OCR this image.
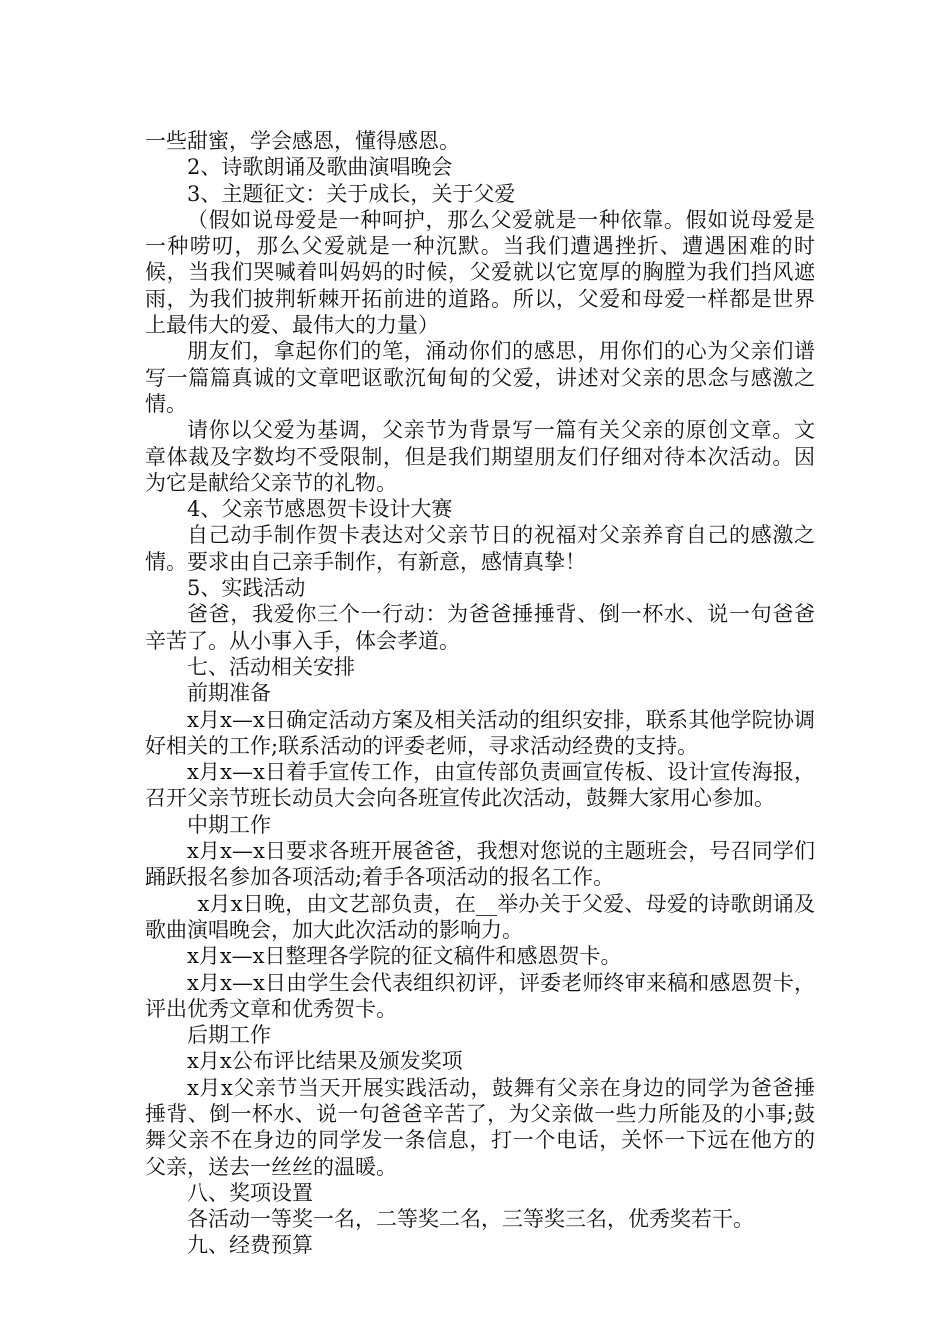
一些甜蜜，学会感恩，懂得感恩。

2、诗歌朗诵及歌曲演唱晚会

3、主题征文：关于成长，关于父爱

（假如说母爱是一种呵护，那么父爱就是一种依靠。假如说母爱是一种唠叨，那么父爱就是一种沉默。当我们遭遇挫折、遭遇困难的时候，当我们哭喊着叫妈妈的时候，父爱就以它宽厚的胸膛为我们挡风遮雨，为我们披荆斩棘开拓前进的道路。所以，父爱和母爱一样都是世界上最伟大的爱、最伟大的力量）

朋友们，拿起你们的笔，涌动你们的感思，用你们的心为父亲们谱写一篇篇真诚的文章吧讴歌沉甸甸的父爱，讲述对父亲的思念与感激之情。

请你以父爱为基调，父亲节为背景写一篇有关父亲的原创文章。文章体裁及字数均不受限制，但是我们期望朋友们仔细对待本次活动。因为它是献给父亲节的礼物。

4、父亲节感恩贺卡设计大赛

自己动手制作贺卡表达对父亲节日的祝福对父亲养育自己的感激之情。要求由自己亲手制作，有新意，感情真挚！

5、实践活动

爸爸，我爱你三个一行动：为爸爸捶捶背、倒一杯水、说一句爸爸辛苦了。从小事入手，体会孝道。

七、活动相关安排

前期准备

x月x—x日确定活动方案及相关活动的组织安排，联系其他学院协调好相关的工作;联系活动的评委老师，寻求活动经费的支持。

x月x—x日着手宣传工作，由宣传部负责画宣传板、设计宣传海报，召开父亲节班长动员大会向各班宣传此次活动，鼓舞大家用心参加。

中期工作

x月x—x日要求各班开展爸爸，我想对您说的主题班会，号召同学们踊跃报名参加各项活动;着手各项活动的报名工作。

x月x日晚，由文艺部负责，在__举办关于父爱、母爱的诗歌朗诵及歌曲演唱晚会，加大此次活动的影响力。

x月x—x日整理各学院的征文稿件和感恩贺卡。

x月x—x日由学生会代表组织初评，评委老师终审来稿和感恩贺卡，评出优秀文章和优秀贺卡。

后期工作

x月x公布评比结果及颁发奖项

x月x父亲节当天开展实践活动，鼓舞有父亲在身边的同学为爸爸捶捶背、倒一杯水、说一句爸爸辛苦了，为父亲做一些力所能及的小事;鼓舞父亲不在身边的同学发一条信息，打一个电话，关怀一下远在他方的父亲，送去一丝丝的温暖。

八、奖项设置

各活动一等奖一名，二等奖二名，三等奖三名，优秀奖若干。

九、经费预算
